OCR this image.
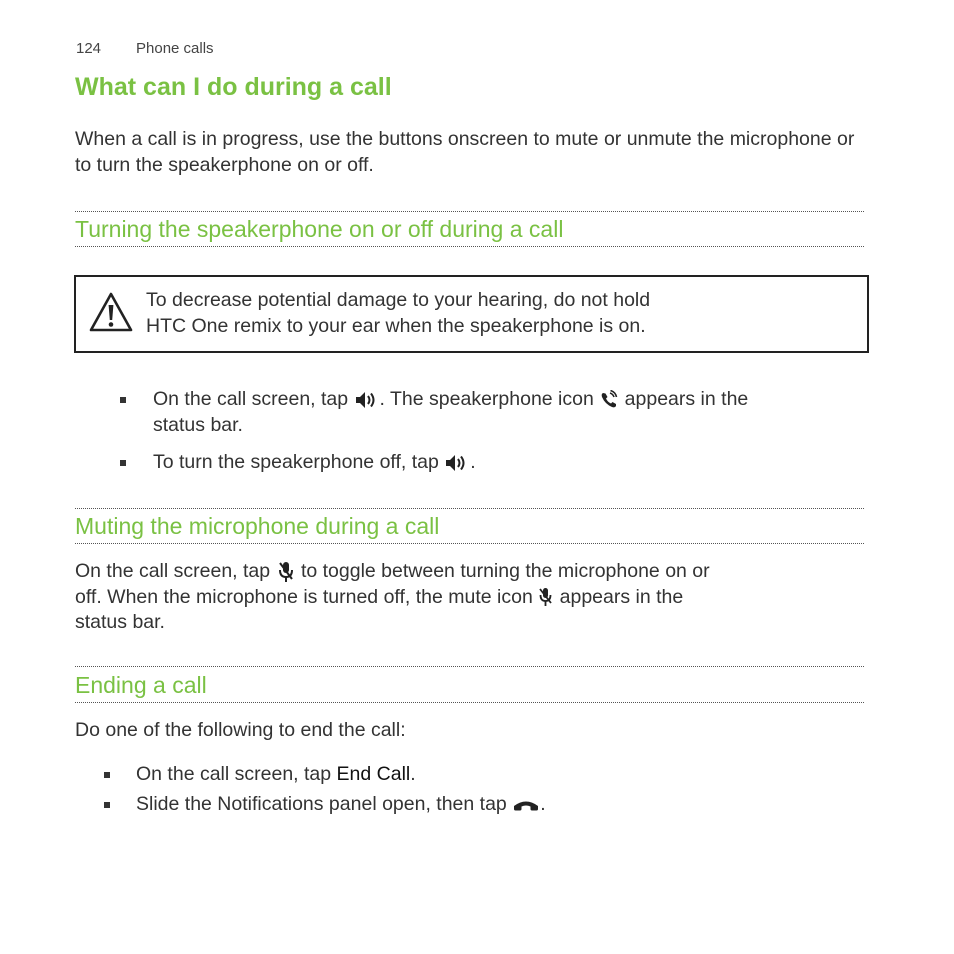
124 Phone calls
What can I do during a call

When a call is in progress, use the buttons onscreen to mute or unmute the microphone or to turn the speakerphone on or off.

Turning the speakerphone on or off during a call
To decrease potential damage to your hearing, do not hold
HTC One remix to your ear when the speakerphone is on.
On the call screen, tap
. The speakerphone icon
appears in the
status bar.
To turn the speakerphone off, tap
.
Muting the microphone during a call

On the call screen, tap
to toggle between turning the microphone on or
off. When the microphone is turned off, the mute icon
appears in the
status bar.

Ending a call

Do one of the following to end the call:

On the call screen, tap End Call.
Slide the Notifications panel open, then tap
.
